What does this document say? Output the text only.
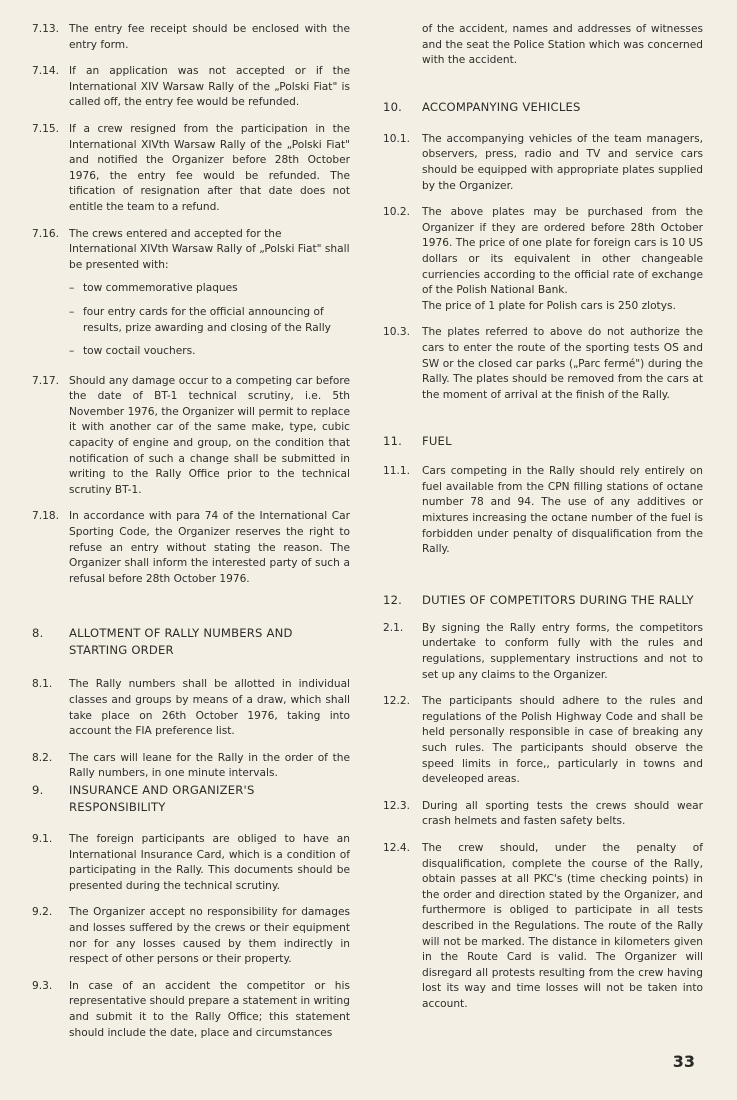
7.13. The entry fee receipt should be enclosed with the entry form.
7.14. If an application was not accepted or if the International XIV Warsaw Rally of the „Polski Fiat" is called off, the entry fee would be refunded.
7.15. If a crew resigned from the participation in the International XIVth Warsaw Rally of the „Polski Fiat" and notified the Organizer before 28th October 1976, the entry fee would be refunded. The tification of resignation after that date does not entitle the team to a refund.
7.16. The crews entered and accepted for the International XIVth Warsaw Rally of „Polski Fiat" shall be presented with:

– tow commemorative plaques
– four entry cards for the official announcing of results, prize awarding and closing of the Rally
– tow coctail vouchers.
7.17. Should any damage occur to a competing car before the date of BT-1 technical scrutiny, i.e. 5th November 1976, the Organizer will permit to replace it with another car of the same make, type, cubic capacity of engine and group, on the condition that notification of such a change shall be submitted in writing to the Rally Office prior to the technical scrutiny BT-1.
7.18. In accordance with para 74 of the International Car Sporting Code, the Organizer reserves the right to refuse an entry without stating the reason. The Organizer shall inform the interested party of such a refusal before 28th October 1976.
8.	ALLOTMENT OF RALLY NUMBERS AND STARTING ORDER
8.1.	The Rally numbers shall be allotted in individual classes and groups by means of a draw, which shall take place on 26th October 1976, taking into account the FIA preference list.
8.2.	The cars will leane for the Rally in the order of the Rally numbers, in one minute intervals.
9.	INSURANCE AND ORGANIZER'S RESPONSIBILITY
9.1.	The foreign participants are obliged to have an International Insurance Card, which is a condition of participating in the Rally. This documents should be presented during the technical scrutiny.
9.2.	The Organizer accept no responsibility for damages and losses suffered by the crews or their equipment nor for any losses caused by them indirectly in respect of other persons or their property.
9.3.	In case of an accident the competitor or his representative should prepare a statement in writing and submit it to the Rally Office; this statement should include the date, place and circumstances
of the accident, names and addresses of witnesses and the seat the Police Station which was concerned with the accident.
10.	ACCOMPANYING VEHICLES
10.1.	The accompanying vehicles of the team managers, observers, press, radio and TV and service cars should be equipped with appropriate plates supplied by the Organizer.
10.2.	The above plates may be purchased from the Organizer if they are ordered before 28th October 1976. The price of one plate for foreign cars is 10 US dollars or its equivalent in other changeable curriencies according to the official rate of exchange of the Polish National Bank.

The price of 1 plate for Polish cars is 250 zlotys.

10.3.	The plates referred to above do not authorize the cars to enter the route of the sporting tests OS and SW or the closed car parks („Parc fermé") during the Rally. The plates should be removed from the cars at the moment of arrival at the finish of the Rally.
11.	FUEL
11.1.	Cars competing in the Rally should rely entirely on fuel available from the CPN filling stations of octane number 78 and 94. The use of any additives or mixtures increasing the octane number of the fuel is forbidden under penalty of disqualification from the Rally.
12.	DUTIES OF COMPETITORS DURING THE RALLY
2.1.	By signing the Rally entry forms, the competitors undertake to conform fully with the rules and regulations, supplementary instructions and not to set up any claims to the Organizer.
12.2.	The participants should adhere to the rules and regulations of the Polish Highway Code and shall be held personally responsible in case of breaking any such rules. The participants should observe the speed limits in force,, particularly in towns and develeoped areas.
12.3.	During all sporting tests the crews should wear crash helmets and fasten safety belts.
12.4.	The crew should, under the penalty of disqualification, complete the course of the Rally, obtain passes at all PKC's (time checking points) in the order and direction stated by the Organizer, and furthermore is obliged to participate in all tests described in the Regulations. The route of the Rally will not be marked. The distance in kilometers given in the Route Card is valid. The Organizer will disregard all protests resulting from the crew having lost its way and time losses will not be taken into account.
33
